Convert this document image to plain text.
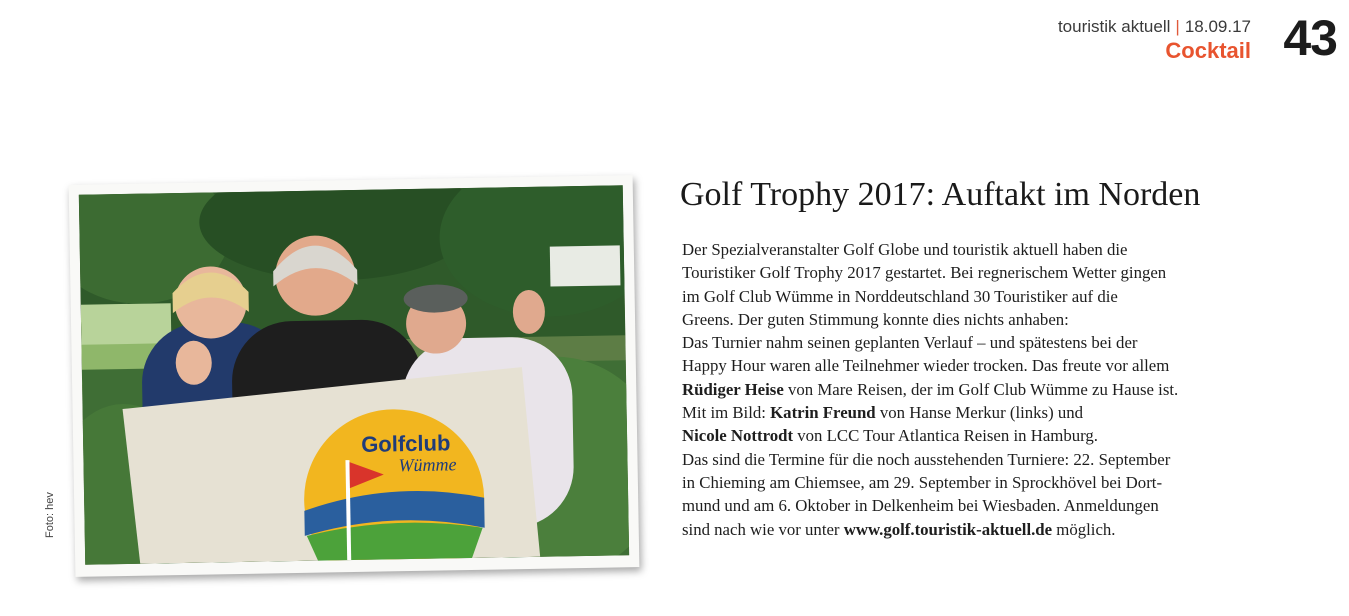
touristik aktuell | 18.09.17
Cocktail 43
Foto: hev
Golfclub
Wümme
Golf Trophy 2017: Auftakt im Norden
Der Spezialveranstalter Golf Globe und touristik aktuell haben die
Touristiker Golf Trophy 2017 gestartet. Bei regnerischem Wetter gingen
im Golf Club Wümme in Norddeutschland 30 Touristiker auf die
Greens. Der guten Stimmung konnte dies nichts anhaben:
Das Turnier nahm seinen geplanten Verlauf – und spätestens bei der
Happy Hour waren alle Teilnehmer wieder trocken. Das freute vor allem
Rüdiger Heise von Mare Reisen, der im Golf Club Wümme zu Hause ist.
Mit im Bild: Katrin Freund von Hanse Merkur (links) und
Nicole Nottrodt von LCC Tour Atlantica Reisen in Hamburg.
Das sind die Termine für die noch ausstehenden Turniere: 22. September
in Chieming am Chiemsee, am 29. September in Sprockhövel bei Dort-
mund und am 6. Oktober in Delkenheim bei Wiesbaden. Anmeldungen
sind nach wie vor unter www.golf.touristik-aktuell.de möglich.
